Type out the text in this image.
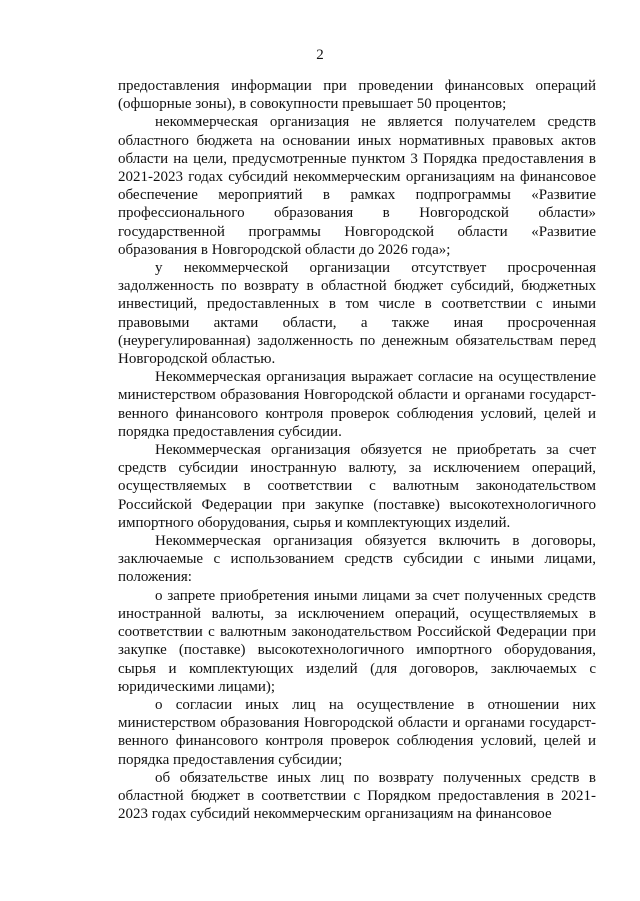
2

предоставления информации при проведении финансовых операций (офшорные зоны), в совокупности превышает 50 процентов;

некоммерческая организация не является получателем средств областного бюджета на основании иных нормативных правовых актов области на цели, предусмотренные пунктом 3 Порядка предоставления в 2021-2023 годах субсидий некоммерческим организациям на финансовое обеспечение мероприятий в рамках подпрограммы «Развитие профессионального образования в Новгородской области» государственной программы Новгородской области «Развитие образования в Новгородской области до 2026 года»;

у некоммерческой организации отсутствует просроченная задолженность по возврату в областной бюджет субсидий, бюджетных инвестиций, предоставленных в том числе в соответствии с иными правовыми актами области, а также иная просроченная (неурегулированная) задолженность по денежным обязательствам перед Новгородской областью.

Некоммерческая организация выражает согласие на осуществление министерством образования Новгородской области и органами государст-венного финансового контроля проверок соблюдения условий, целей и порядка предоставления субсидии.

Некоммерческая организация обязуется не приобретать за счет средств субсидии иностранную валюту, за исключением операций, осуществляемых в соответствии с валютным законодательством Российской Федерации при закупке (поставке) высокотехнологичного импортного оборудования, сырья и комплектующих изделий.

Некоммерческая организация обязуется включить в договоры, заключаемые с использованием средств субсидии с иными лицами, положения:

о запрете приобретения иными лицами за счет полученных средств иностранной валюты, за исключением операций, осуществляемых в соответствии с валютным законодательством Российской Федерации при закупке (поставке) высокотехнологичного импортного оборудования, сырья и комплектующих изделий (для договоров, заключаемых с юридическими лицами);

о согласии иных лиц на осуществление в отношении них министерством образования Новгородской области и органами государст-венного финансового контроля проверок соблюдения условий, целей и порядка предоставления субсидии;

об обязательстве иных лиц по возврату полученных средств в областной бюджет в соответствии с Порядком предоставления в 2021-2023 годах субсидий некоммерческим организациям на финансовое
